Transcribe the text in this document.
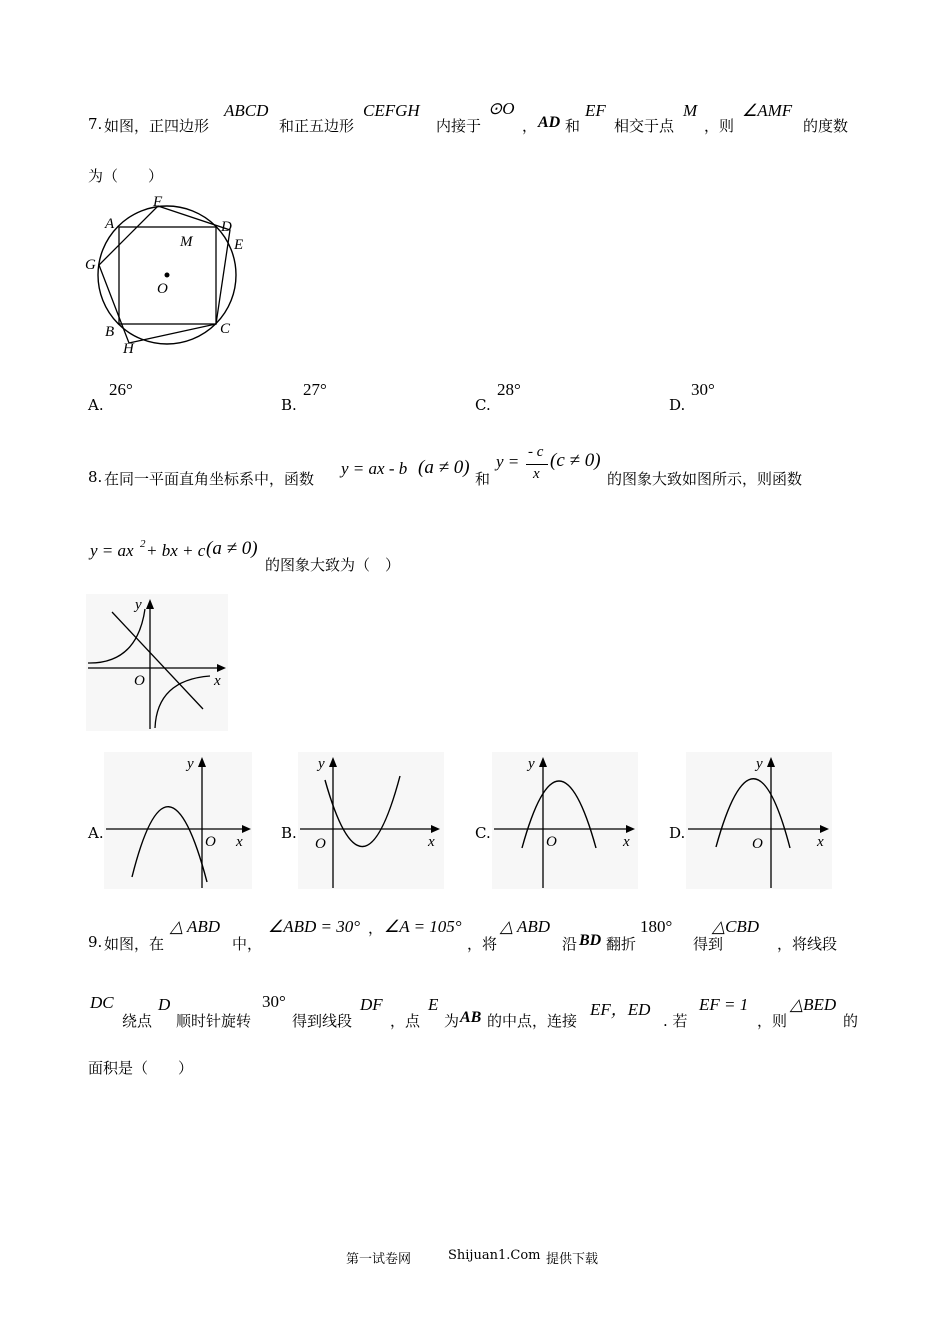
7. 如图，正四边形
ABCD
和正五边形
CEFGH
内接于
⊙O
， AD 和
EF
相交于点
M
，则
∠AMF
的度数
为（　　）
A
F
D
M	E
G
O
B	C
H
A.
26°
B.
27°
C.
28°
D.
30°
8. 在同一平面直角坐标系中，函数
y = ax - b (a ≠ 0)
和
y = - c
x
(c ≠ 0)
的图象大致如图所示，则函数
y = ax 2 + bx + c (a ≠ 0)
的图象大致为（　）
y
O	x
A.
y
O x	B.
y
O	x	C.
y
O	x	D.
y
O	x
9. 如图，在
△ ABD
中，
∠ABD = 30° ， ∠A = 105°
，将
△ ABD
沿 BD 翻折
180°
得到
△CBD
，将线段
DC
绕点
D
顺时针旋转
30°
得到线段
DF
，点
E
为 AB 的中点，连接
EF，ED
. 若
EF = 1
，则
△BED
的
面积是（　　）
第一试卷网	Shijuan1.Com 提供下载
